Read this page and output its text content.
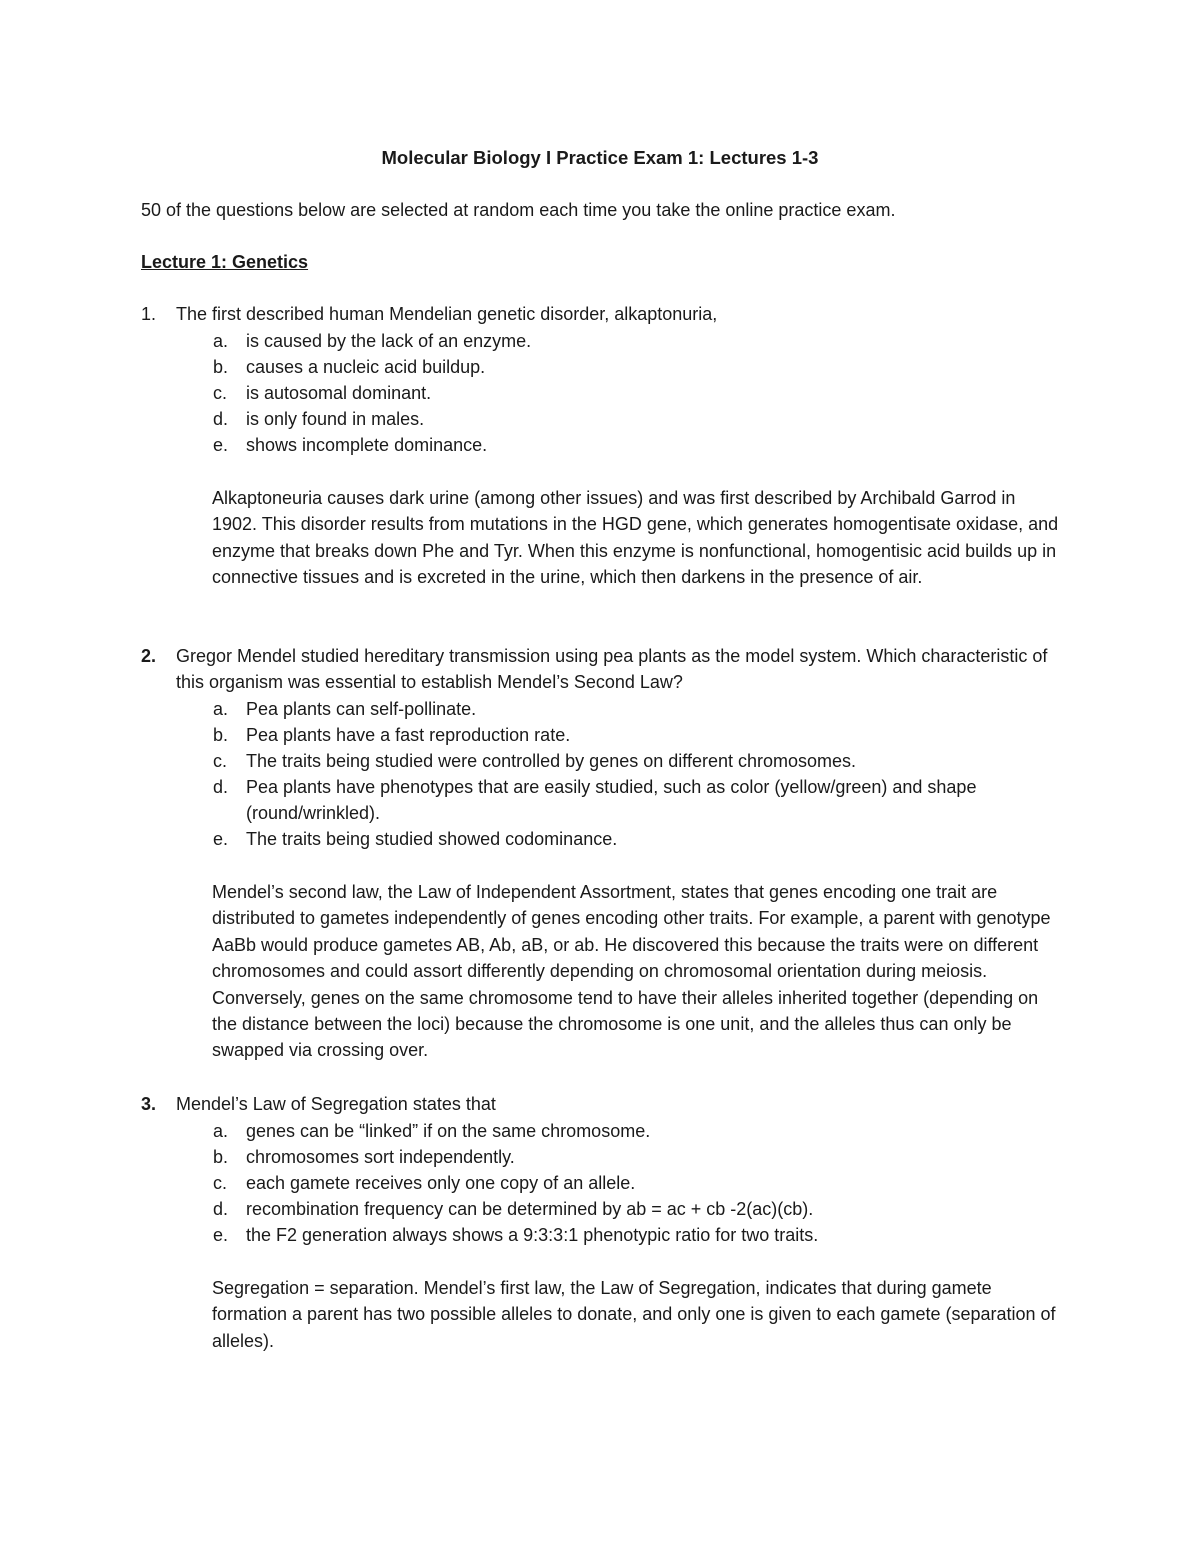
Molecular Biology I Practice Exam 1: Lectures 1-3
50 of the questions below are selected at random each time you take the online practice exam.
Lecture 1: Genetics
1. The first described human Mendelian genetic disorder, alkaptonuria,
a. is caused by the lack of an enzyme.
b. causes a nucleic acid buildup.
c. is autosomal dominant.
d. is only found in males.
e. shows incomplete dominance.
Alkaptoneuria causes dark urine (among other issues) and was first described by Archibald Garrod in 1902. This disorder results from mutations in the HGD gene, which generates homogentisate oxidase, and enzyme that breaks down Phe and Tyr. When this enzyme is nonfunctional, homogentisic acid builds up in connective tissues and is excreted in the urine, which then darkens in the presence of air.
2. Gregor Mendel studied hereditary transmission using pea plants as the model system. Which characteristic of this organism was essential to establish Mendel’s Second Law?
a. Pea plants can self-pollinate.
b. Pea plants have a fast reproduction rate.
c. The traits being studied were controlled by genes on different chromosomes.
d. Pea plants have phenotypes that are easily studied, such as color (yellow/green) and shape (round/wrinkled).
e. The traits being studied showed codominance.
Mendel’s second law, the Law of Independent Assortment, states that genes encoding one trait are distributed to gametes independently of genes encoding other traits. For example, a parent with genotype AaBb would produce gametes AB, Ab, aB, or ab. He discovered this because the traits were on different chromosomes and could assort differently depending on chromosomal orientation during meiosis. Conversely, genes on the same chromosome tend to have their alleles inherited together (depending on the distance between the loci) because the chromosome is one unit, and the alleles thus can only be swapped via crossing over.
3. Mendel’s Law of Segregation states that
a. genes can be “linked” if on the same chromosome.
b. chromosomes sort independently.
c. each gamete receives only one copy of an allele.
d. recombination frequency can be determined by ab = ac + cb -2(ac)(cb).
e. the F2 generation always shows a 9:3:3:1 phenotypic ratio for two traits.
Segregation = separation. Mendel’s first law, the Law of Segregation, indicates that during gamete formation a parent has two possible alleles to donate, and only one is given to each gamete (separation of alleles).
